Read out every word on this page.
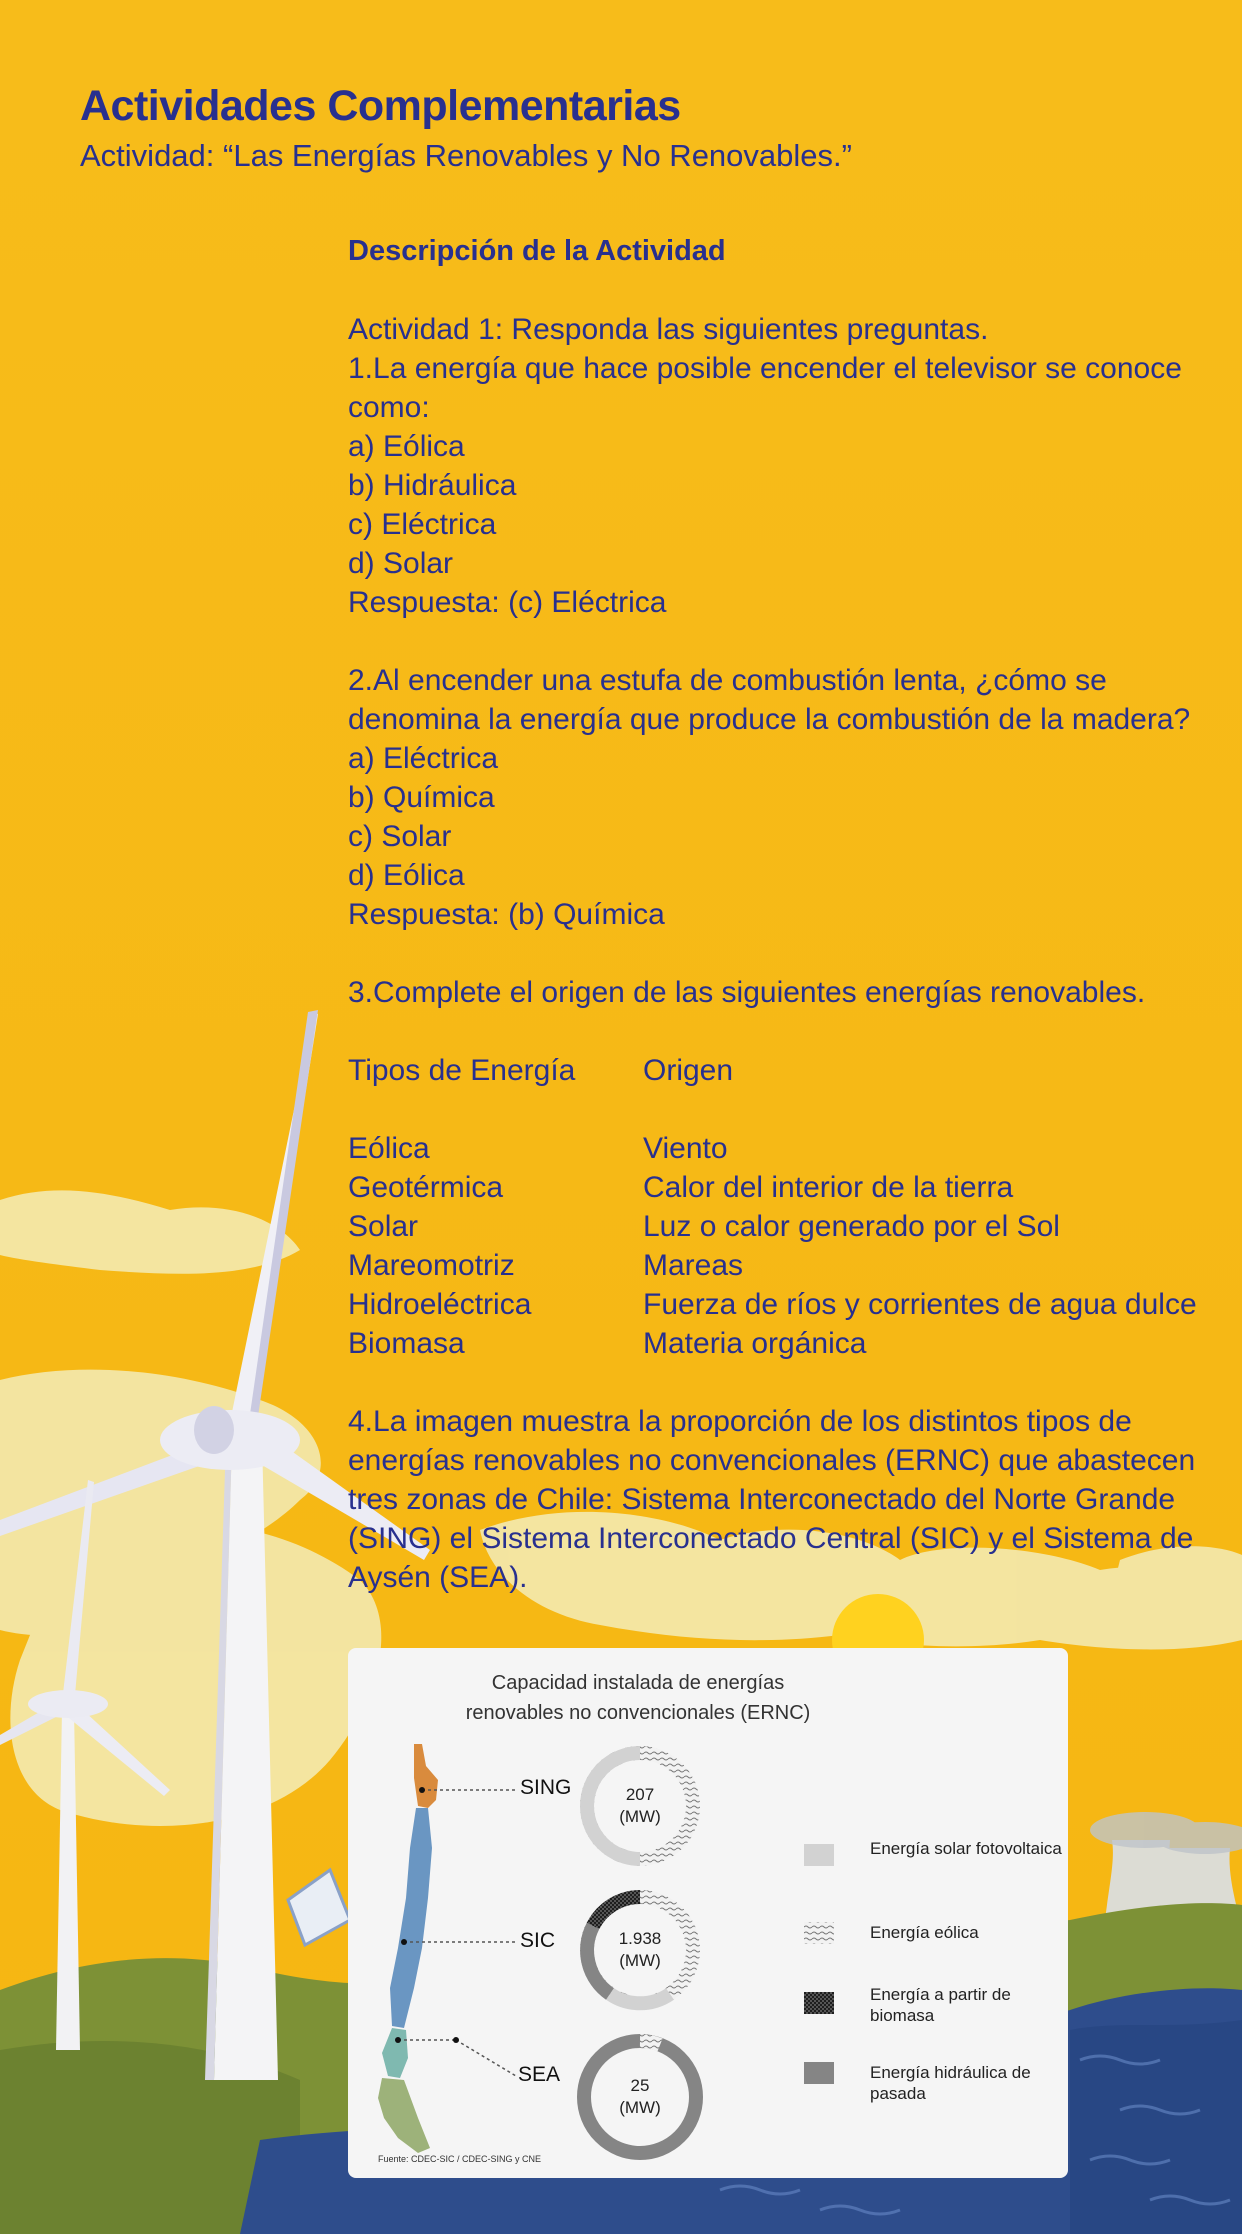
Actividades Complementarias

Actividad: “Las Energías Renovables y No Renovables.”

Descripción de la Actividad

Actividad 1: Responda las siguientes preguntas.

1.La energía que hace posible encender el televisor se conoce como:

a) Eólica

b) Hidráulica

c) Eléctrica

d) Solar

Respuesta: (c) Eléctrica

2.Al encender una estufa de combustión lenta, ¿cómo se denomina la energía que produce la combustión de la madera?

a) Eléctrica

b) Química

c) Solar

d) Eólica

Respuesta: (b) Química

3.Complete el origen de las siguientes energías renovables.

Tipos de Energía	Origen
Eólica	Viento
Geotérmica	Calor del interior de la tierra
Solar	Luz o calor generado por el Sol
Mareomotriz	Mareas
Hidroeléctrica	Fuerza de ríos y corrientes de agua dulce
Biomasa	Materia orgánica

4.La imagen muestra la proporción de los distintos tipos de energías renovables no convencionales (ERNC) que abastecen tres zonas de Chile: Sistema Interconectado del Norte Grande (SING) el Sistema Interconectado Central (SIC) y el Sistema de Aysén (SEA).

Capacidad instalada de energías
renovables no convencionales (ERNC)
SING
SIC
SEA
207
(MW)
1.938
(MW)
25
(MW)
Energía solar fotovoltaica
Energía eólica
Energía a partir de biomasa
Energía hidráulica de pasada
Fuente: CDEC-SIC / CDEC-SING y CNE
